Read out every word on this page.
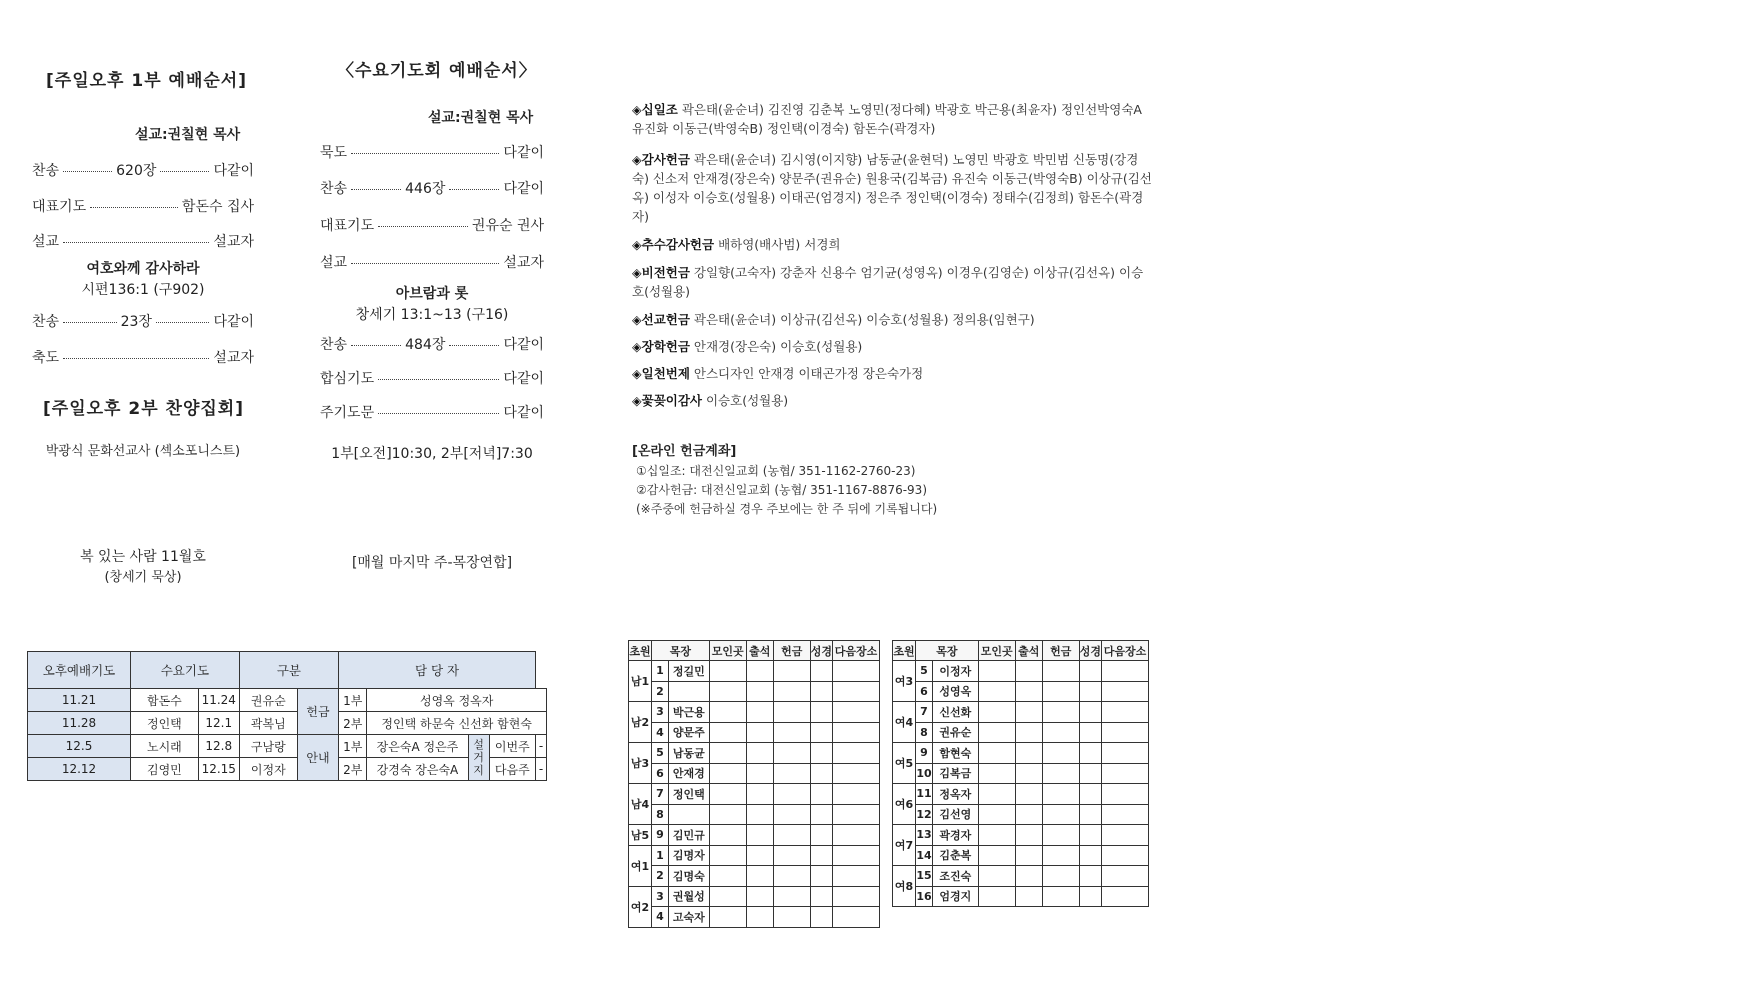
[주일오후 1부 예배순서]
설교:권칠현 목사
찬송	620장	다같이
대표기도	함돈수 집사
설교	설교자
여호와께 감사하라
시편136:1 (구902)
찬송	23장	다같이
축도	설교자
[주일오후 2부 찬양집회]
박광식 문화선교사 (섹소포니스트)
복 있는 사람 11월호
(창세기 묵상)
〈수요기도회 예배순서〉
설교:권칠현 목사
묵도	다같이
찬송	446장	다같이
대표기도	권유순 권사
설교	설교자
아브람과 롯
창세기 13:1~13 (구16)
찬송	484장	다같이
합심기도	다같이
주기도문	다같이
1부[오전]10:30, 2부[저녁]7:30
[매월 마지막 주-목장연합]
◈십일조 곽은태(윤순녀) 김진영 김춘복 노영민(정다혜) 박광호 박근용(최윤자) 정인선박영숙A 유진화 이동근(박영숙B) 정인택(이경숙) 함돈수(곽경자)
◈감사헌금 곽은태(윤순녀) 김시영(이지향) 남동균(윤현덕) 노영민 박광호 박민범 신동명(강경숙) 신소저 안재경(장은숙) 양문주(권유순) 원용국(김복금) 유진숙 이동근(박영숙B) 이상규(김선옥) 이성자 이승호(성월용) 이태곤(엄경지) 정은주 정인택(이경숙) 정태수(김정희) 함돈수(곽경자)
◈추수감사헌금 배하영(배사범) 서경희
◈비전헌금 강일향(고숙자) 강춘자 신용수 엄기균(성영옥) 이경우(김영순) 이상규(김선옥) 이승호(성월용)
◈선교헌금 곽은태(윤순녀) 이상규(김선옥) 이승호(성월용) 정의용(임현구)
◈장학헌금 안재경(장은숙) 이승호(성월용)
◈일천번제 안스디자인 안재경 이태곤가정 장은숙가정
◈꽃꽂이감사 이승호(성월용)
[온라인 헌금계좌]
①십일조: 대전신일교회 (농협/ 351-1162-2760-23)
②감사헌금: 대전신일교회 (농협/ 351-1167-8876-93)
(※주중에 헌금하실 경우 주보에는 한 주 뒤에 기록됩니다)
오후예배기도	수요기도		구분		담 당 자				
11.21	함돈수	11.24	권유순	헌금	1부	성영옥 정옥자			
11.28	정인택	12.1	곽복님		2부	정인택 하문숙 신선화 함현숙			
12.5	노시래	12.8	구남랑	안내	1부	장은숙A 정은주	설거지	이번주	-
12.12	김영민	12.15	이정자		2부	강경숙 장은숙A		다음주	-
초원	목장		모인곳	출석	헌금	성경	다음장소
남1	1	정길민					
	2						
남2	3	박근용					
	4	양문주					
남3	5	남동균					
	6	안재경					
남4	7	정인택					
	8						
남5	9	김민규					
여1	1	김명자					
	2	김명숙					
여2	3	권월성					
	4	고숙자					
초원	목장		모인곳	출석	헌금	성경	다음장소
여3	5	이정자					
	6	성영옥					
여4	7	신선화					
	8	권유순					
여5	9	함현숙					
	10	김복금					
여6	11	정옥자					
	12	김선영					
여7	13	곽경자					
	14	김춘복					
여8	15	조진숙					
	16	엄경지					
